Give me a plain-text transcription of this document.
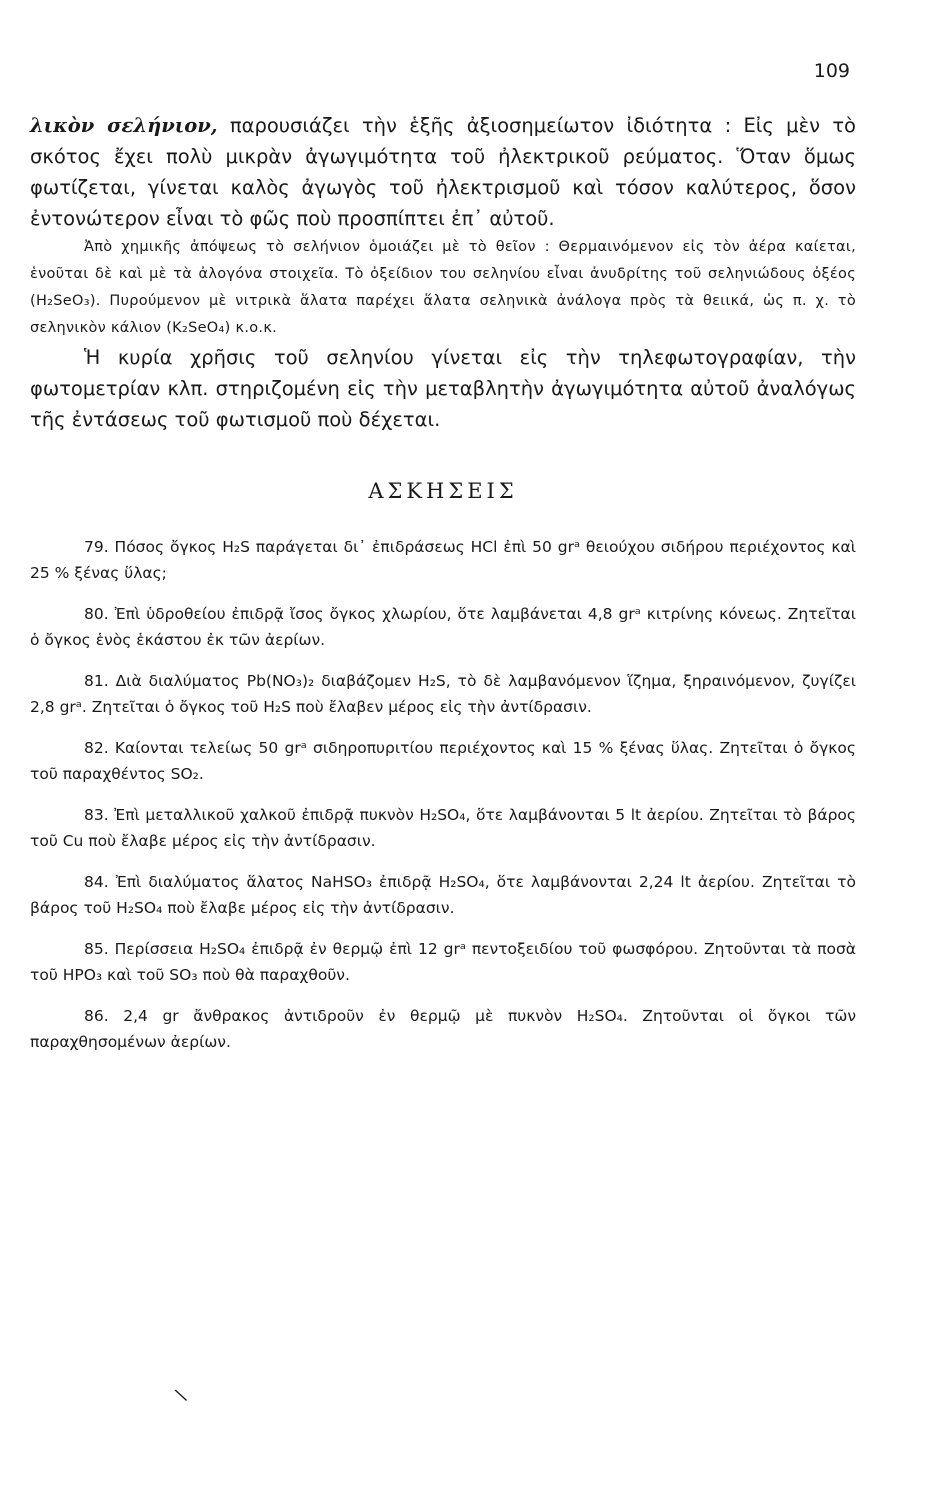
109

λικὸν σελήνιον, παρουσιάζει τὴν ἑξῆς ἀξιοσημείωτον ἰδιότητα : Εἰς μὲν τὸ σκότος ἔχει πολὺ μικρὰν ἀγωγιμότητα τοῦ ἠλεκτρικοῦ ρεύματος. Ὅταν ὅμως φωτίζεται, γίνεται καλὸς ἀγωγὸς τοῦ ἠλεκτρισμοῦ καὶ τόσον καλύτερος, ὅσον ἐντονώτερον εἶναι τὸ φῶς ποὺ προσπίπτει ἐπ᾽ αὐτοῦ.

Ἀπὸ χημικῆς ἀπόψεως τὸ σελήνιον ὁμοιάζει μὲ τὸ θεῖον : Θερμαινόμενον εἰς τὸν ἀέρα καίεται, ἑνοῦται δὲ καὶ μὲ τὰ ἀλογόνα στοιχεῖα. Τὸ ὀξείδιον του σεληνίου εἶναι ἀνυδρίτης τοῦ σεληνιώδους ὀξέος (H₂SeO₃). Πυρούμενον μὲ νιτρικὰ ἅλατα παρέχει ἅλατα σεληνικὰ ἀνάλογα πρὸς τὰ θειικά, ὡς π. χ. τὸ σεληνικὸν κάλιον (K₂SeO₄) κ.ο.κ.

Ἡ κυρία χρῆσις τοῦ σεληνίου γίνεται εἰς τὴν τηλεφωτογραφίαν, τὴν φωτομετρίαν κλπ. στηριζομένη εἰς τὴν μεταβλητὴν ἀγωγιμότητα αὐτοῦ ἀναλόγως τῆς ἐντάσεως τοῦ φωτισμοῦ ποὺ δέχεται.

ΑΣΚΗΣΕΙΣ

79. Πόσος ὄγκος H₂S παράγεται δι᾽ ἐπιδράσεως HCl ἐπὶ 50 grᵃ θειούχου σιδήρου περιέχοντος καὶ 25 % ξένας ὕλας;

80. Ἐπὶ ὑδροθείου ἐπιδρᾷ ἴσος ὄγκος χλωρίου, ὅτε λαμβάνεται 4,8 grᵃ κιτρίνης κόνεως. Ζητεῖται ὁ ὄγκος ἑνὸς ἑκάστου ἐκ τῶν ἀερίων.

81. Διὰ διαλύματος Pb(NO₃)₂ διαβάζομεν H₂S, τὸ δὲ λαμβανόμενον ἵζημα, ξηραινόμενον, ζυγίζει 2,8 grᵃ. Ζητεῖται ὁ ὄγκος τοῦ H₂S ποὺ ἔλαβεν μέρος εἰς τὴν ἀντίδρασιν.

82. Καίονται τελείως 50 grᵃ σιδηροπυριτίου περιέχοντος καὶ 15 % ξένας ὕλας. Ζητεῖται ὁ ὄγκος τοῦ παραχθέντος SO₂.

83. Ἐπὶ μεταλλικοῦ χαλκοῦ ἐπιδρᾷ πυκνὸν H₂SO₄, ὅτε λαμβάνονται 5 lt ἀερίου. Ζητεῖται τὸ βάρος τοῦ Cu ποὺ ἔλαβε μέρος εἰς τὴν ἀντίδρασιν.

84. Ἐπὶ διαλύματος ἅλατος NaHSO₃ ἐπιδρᾷ H₂SO₄, ὅτε λαμβάνονται 2,24 lt ἀερίου. Ζητεῖται τὸ βάρος τοῦ H₂SO₄ ποὺ ἔλαβε μέρος εἰς τὴν ἀντίδρασιν.

85. Περίσσεια H₂SO₄ ἐπιδρᾷ ἐν θερμῷ ἐπὶ 12 grᵃ πεντοξειδίου τοῦ φωσφόρου. Ζητοῦνται τὰ ποσὰ τοῦ HPO₃ καὶ τοῦ SO₃ ποὺ θὰ παραχθοῦν.

86. 2,4 gr ἄνθρακος ἀντιδροῦν ἐν θερμῷ μὲ πυκνὸν H₂SO₄. Ζητοῦνται οἱ ὄγκοι τῶν παραχθησομένων ἀερίων.

\
